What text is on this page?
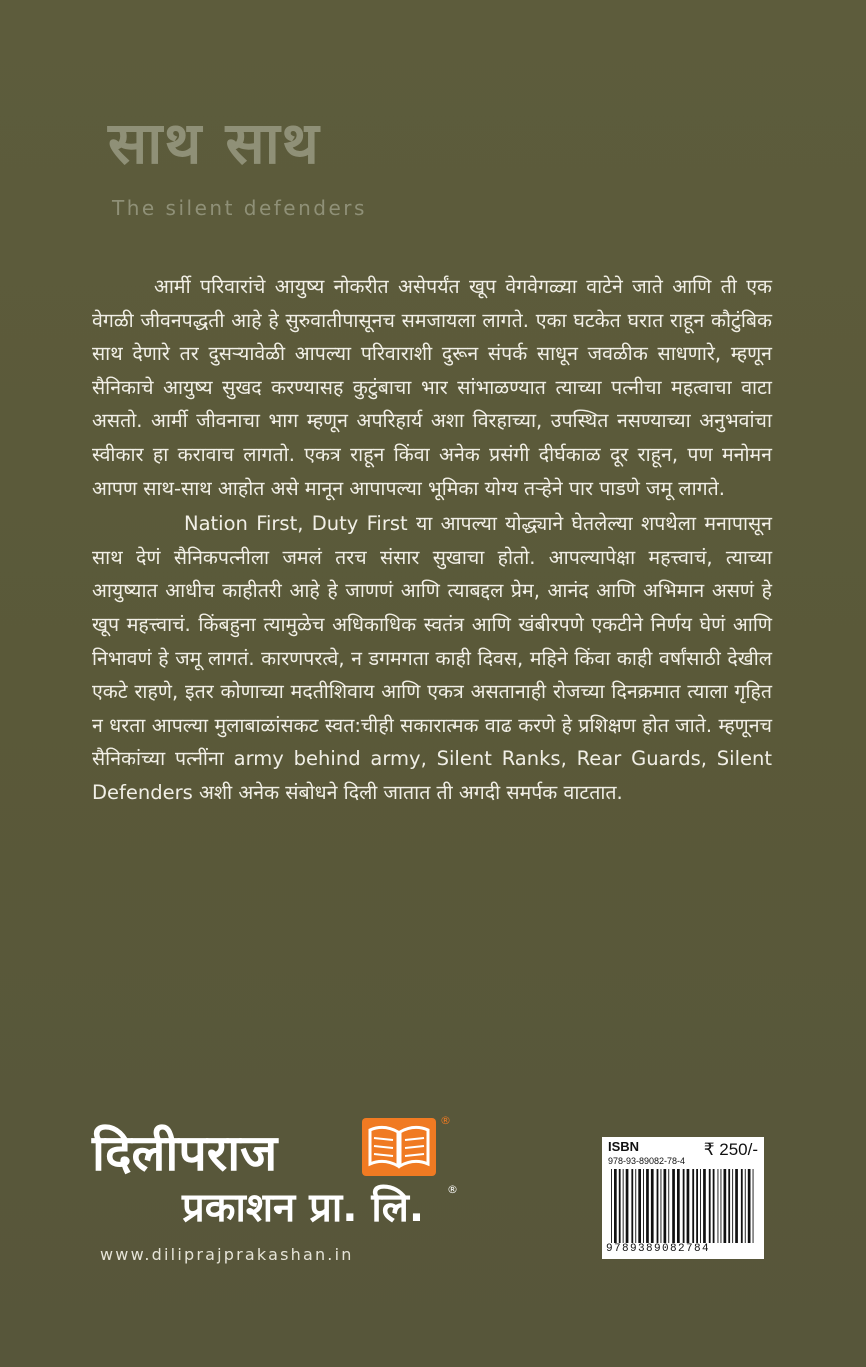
साथ साथ
The silent defenders

आर्मी परिवारांचे आयुष्य नोकरीत असेपर्यंत खूप वेगवेगळ्या वाटेने जाते आणि ती एक वेगळी जीवनपद्धती आहे हे सुरुवातीपासूनच समजायला लागते. एका घटकेत घरात राहून कौटुंबिक साथ देणारे तर दुसऱ्यावेळी आपल्या परिवाराशी दुरून संपर्क साधून जवळीक साधणारे, म्हणून सैनिकाचे आयुष्य सुखद करण्यासह कुटुंबाचा भार सांभाळण्यात त्याच्या पत्नीचा महत्वाचा वाटा असतो. आर्मी जीवनाचा भाग म्हणून अपरिहार्य अशा विरहाच्या, उपस्थित नसण्याच्या अनुभवांचा स्वीकार हा करावाच लागतो. एकत्र राहून किंवा अनेक प्रसंगी दीर्घकाळ दूर राहून, पण मनोमन आपण साथ-साथ आहोत असे मानून आपापल्या भूमिका योग्य तऱ्हेने पार पाडणे जमू लागते.

Nation First, Duty First या आपल्या योद्ध्याने घेतलेल्या शपथेला मनापासून साथ देणं सैनिकपत्नीला जमलं तरच संसार सुखाचा होतो. आपल्यापेक्षा महत्त्वाचं, त्याच्या आयुष्यात आधीच काहीतरी आहे हे जाणणं आणि त्याबद्दल प्रेम, आनंद आणि अभिमान असणं हे खूप महत्त्वाचं. किंबहुना त्यामुळेच अधिकाधिक स्वतंत्र आणि खंबीरपणे एकटीने निर्णय घेणं आणि निभावणं हे जमू लागतं. कारणपरत्वे, न डगमगता काही दिवस, महिने किंवा काही वर्षांसाठी देखील एकटे राहणे, इतर कोणाच्या मदतीशिवाय आणि एकत्र असतानाही रोजच्या दिनक्रमात त्याला गृहित न धरता आपल्या मुलाबाळांसकट स्वत:चीही सकारात्मक वाढ करणे हे प्रशिक्षण होत जाते. म्हणूनच सैनिकांच्या पत्नींना army behind army, Silent Ranks, Rear Guards, Silent Defenders अशी अनेक संबोधने दिली जातात ती अगदी समर्पक वाटतात.

दिलीपराज
®
प्रकाशन प्रा. लि. ®
www.diliprajprakashan.in
ISBN	₹ 250/-
978-93-89082-78-4
9789389082784
